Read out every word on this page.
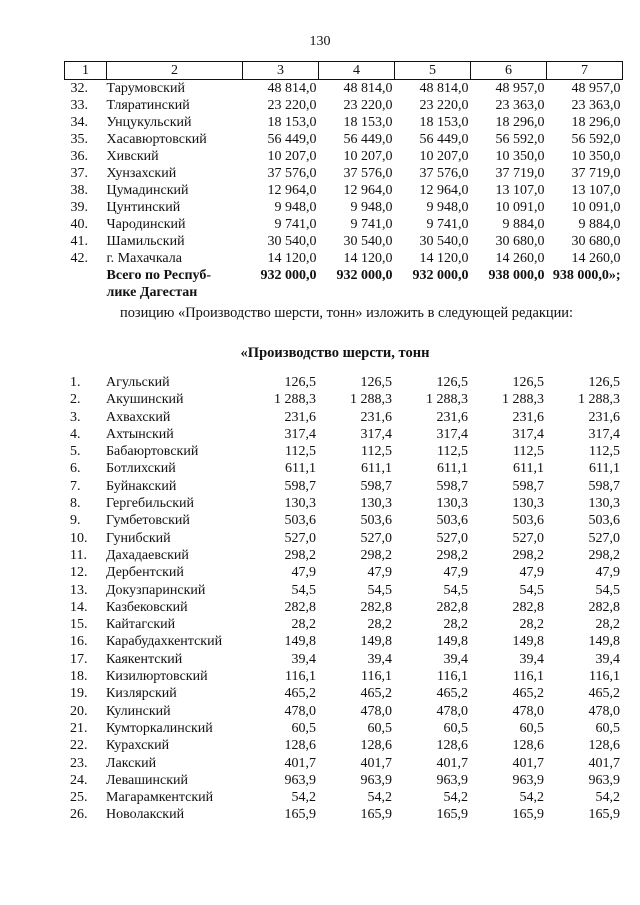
130
1	2	3	4	5	6	7
32.	Тарумовский	48 814,0	48 814,0	48 814,0	48 957,0	48 957,0
33.	Тляратинский	23 220,0	23 220,0	23 220,0	23 363,0	23 363,0
34.	Унцукульский	18 153,0	18 153,0	18 153,0	18 296,0	18 296,0
35.	Хасавюртовский	56 449,0	56 449,0	56 449,0	56 592,0	56 592,0
36.	Хивский	10 207,0	10 207,0	10 207,0	10 350,0	10 350,0
37.	Хунзахский	37 576,0	37 576,0	37 576,0	37 719,0	37 719,0
38.	Цумадинский	12 964,0	12 964,0	12 964,0	13 107,0	13 107,0
39.	Цунтинский	9 948,0	9 948,0	9 948,0	10 091,0	10 091,0
40.	Чародинский	9 741,0	9 741,0	9 741,0	9 884,0	9 884,0
41.	Шамильский	30 540,0	30 540,0	30 540,0	30 680,0	30 680,0
42.	г. Махачкала	14 120,0	14 120,0	14 120,0	14 260,0	14 260,0

	Всего по Респуб-
лике Дагестан	932 000,0	932 000,0	932 000,0	938 000,0	938 000,0»;
позицию «Производство шерсти, тонн» изложить в следующей редакции:
«Производство шерсти, тонн
1.	Агульский	126,5	126,5	126,5	126,5	126,5
2.	Акушинский	1 288,3	1 288,3	1 288,3	1 288,3	1 288,3
3.	Ахвахский	231,6	231,6	231,6	231,6	231,6
4.	Ахтынский	317,4	317,4	317,4	317,4	317,4
5.	Бабаюртовский	112,5	112,5	112,5	112,5	112,5
6.	Ботлихский	611,1	611,1	611,1	611,1	611,1
7.	Буйнакский	598,7	598,7	598,7	598,7	598,7
8.	Гергебильский	130,3	130,3	130,3	130,3	130,3
9.	Гумбетовский	503,6	503,6	503,6	503,6	503,6
10.	Гунибский	527,0	527,0	527,0	527,0	527,0
11.	Дахадаевский	298,2	298,2	298,2	298,2	298,2
12.	Дербентский	47,9	47,9	47,9	47,9	47,9
13.	Докузпаринский	54,5	54,5	54,5	54,5	54,5
14.	Казбековский	282,8	282,8	282,8	282,8	282,8
15.	Кайтагский	28,2	28,2	28,2	28,2	28,2
16.	Карабудахкентский	149,8	149,8	149,8	149,8	149,8
17.	Каякентский	39,4	39,4	39,4	39,4	39,4
18.	Кизилюртовский	116,1	116,1	116,1	116,1	116,1
19.	Кизлярский	465,2	465,2	465,2	465,2	465,2
20.	Кулинский	478,0	478,0	478,0	478,0	478,0
21.	Кумторкалинский	60,5	60,5	60,5	60,5	60,5
22.	Курахский	128,6	128,6	128,6	128,6	128,6
23.	Лакский	401,7	401,7	401,7	401,7	401,7
24.	Левашинский	963,9	963,9	963,9	963,9	963,9
25.	Магарамкентский	54,2	54,2	54,2	54,2	54,2
26.	Новолакский	165,9	165,9	165,9	165,9	165,9
